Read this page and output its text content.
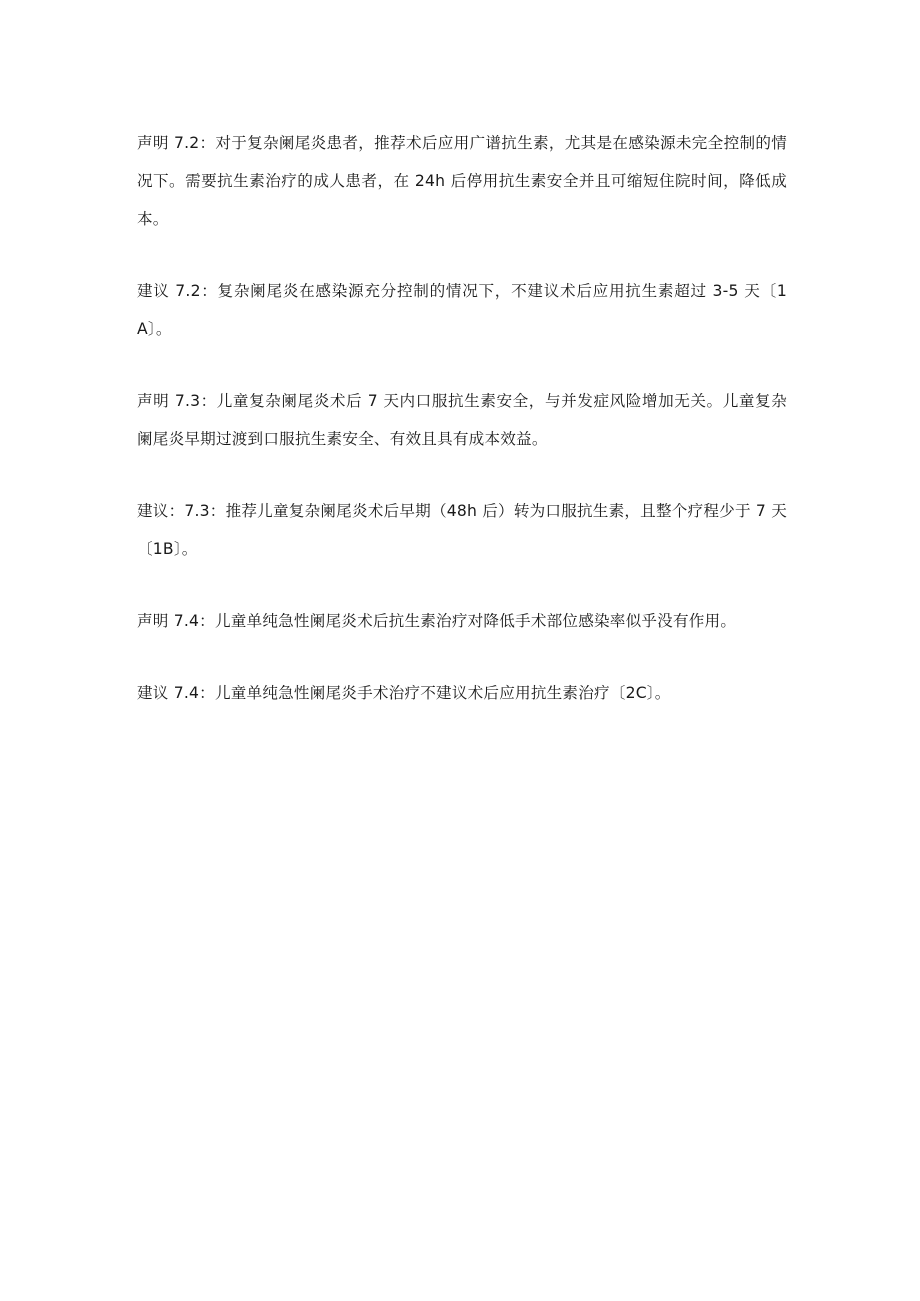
声明 7.2：对于复杂阑尾炎患者，推荐术后应用广谱抗生素，尤其是在感染源未完全控制的情况下。需要抗生素治疗的成人患者，在 24h 后停用抗生素安全并且可缩短住院时间，降低成本。

建议 7.2：复杂阑尾炎在感染源充分控制的情况下，不建议术后应用抗生素超过 3-5 天〔1A〕。

声明 7.3：儿童复杂阑尾炎术后 7 天内口服抗生素安全，与并发症风险增加无关。儿童复杂阑尾炎早期过渡到口服抗生素安全、有效且具有成本效益。

建议：7.3：推荐儿童复杂阑尾炎术后早期（48h 后）转为口服抗生素，且整个疗程少于 7 天〔1B〕。

声明 7.4：儿童单纯急性阑尾炎术后抗生素治疗对降低手术部位感染率似乎没有作用。

建议 7.4：儿童单纯急性阑尾炎手术治疗不建议术后应用抗生素治疗〔2C〕。
